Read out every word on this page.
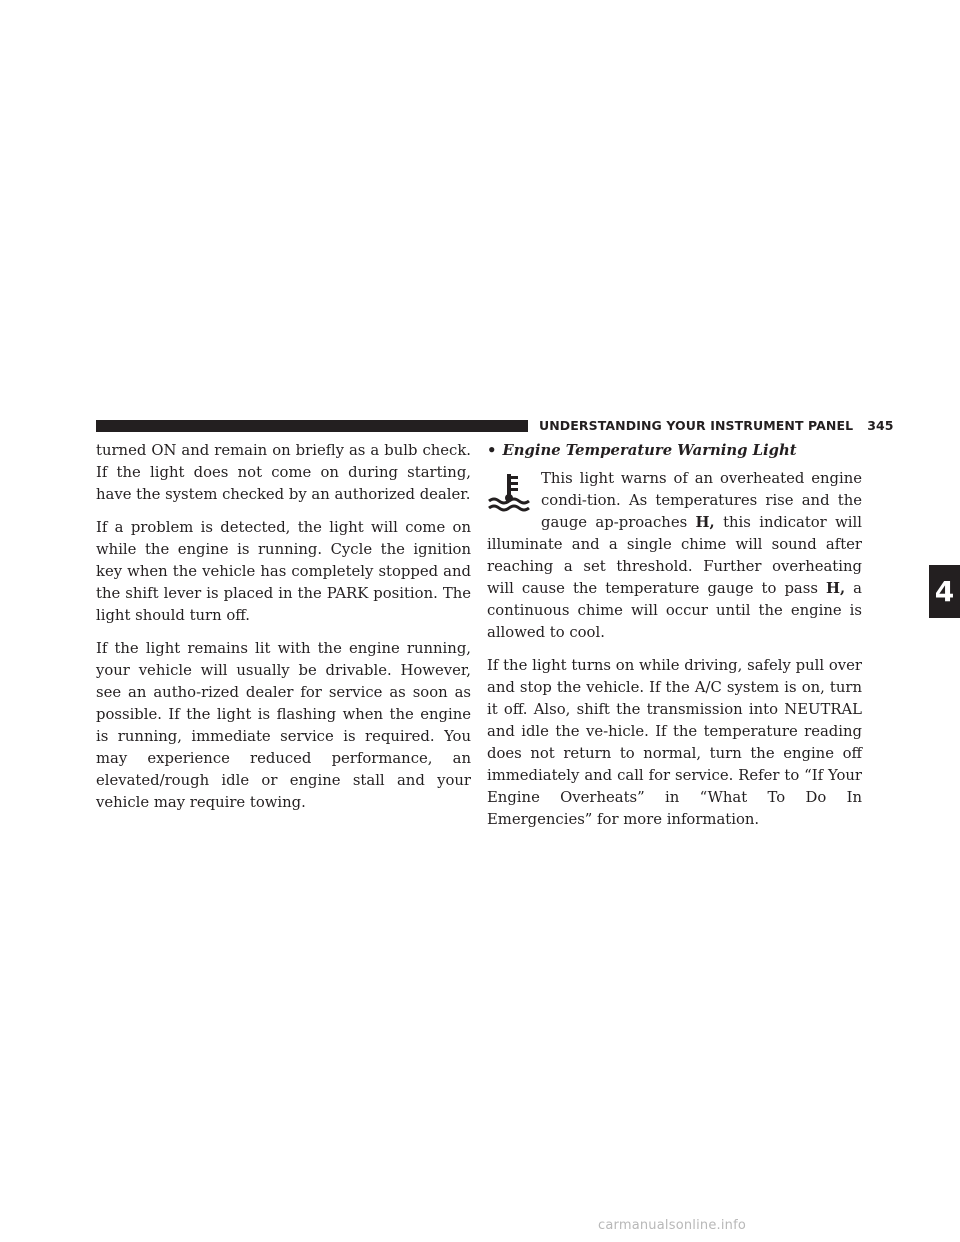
UNDERSTANDING YOUR INSTRUMENT PANEL 345

turned ON and remain on briefly as a bulb check. If the light does not come on during starting, have the system checked by an authorized dealer.

If a problem is detected, the light will come on while the engine is running. Cycle the ignition key when the vehicle has completely stopped and the shift lever is placed in the PARK position. The light should turn off.

If the light remains lit with the engine running, your vehicle will usually be drivable. However, see an autho-rized dealer for service as soon as possible. If the light is flashing when the engine is running, immediate service is required. You may experience reduced performance, an elevated/rough idle or engine stall and your vehicle may require towing.

• Engine Temperature Warning Light

This light warns of an overheated engine condi-tion. As temperatures rise and the gauge ap-proaches H, this indicator will illuminate and a single chime will sound after reaching a set threshold. Further overheating will cause the temperature gauge to pass H, a continuous chime will occur until the engine is allowed to cool.

If the light turns on while driving, safely pull over and stop the vehicle. If the A/C system is on, turn it off. Also, shift the transmission into NEUTRAL and idle the ve-hicle. If the temperature reading does not return to normal, turn the engine off immediately and call for service. Refer to “If Your Engine Overheats” in “What To Do In Emergencies” for more information.

4
carmanualsonline.info
